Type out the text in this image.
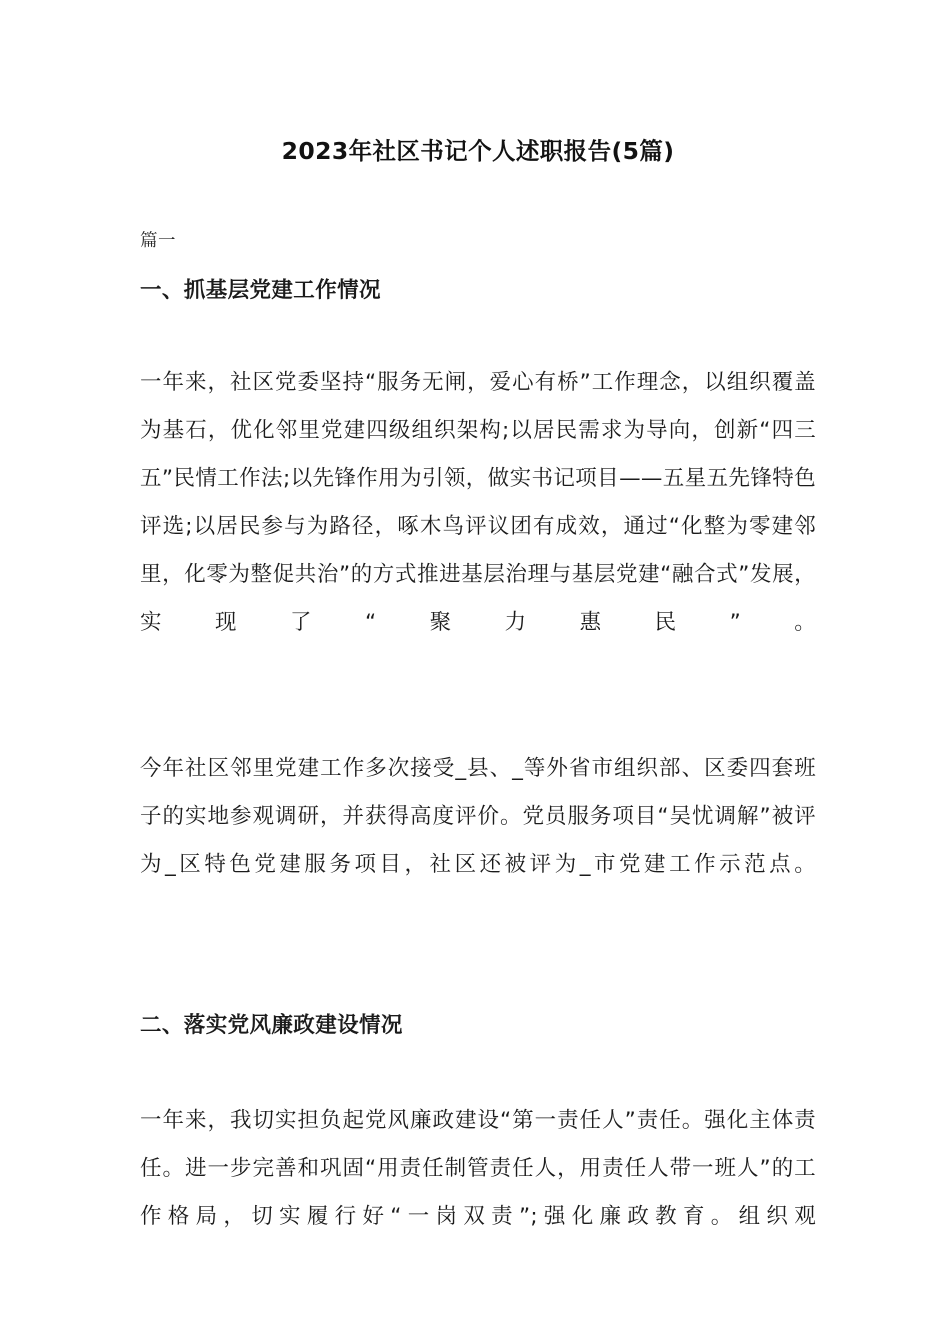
2023年社区书记个人述职报告(5篇)

篇一

一、抓基层党建工作情况

一年来，社区党委坚持“服务无闸，爱心有桥”工作理念，以组织覆盖为基石，优化邻里党建四级组织架构;以居民需求为导向，创新“四三五”民情工作法;以先锋作用为引领，做实书记项目——五星五先锋特色评选;以居民参与为路径，啄木鸟评议团有成效，通过“化整为零建邻里，化零为整促共治”的方式推进基层治理与基层党建“融合式”发展，实现了“聚力惠民”。

今年社区邻里党建工作多次接受_县、_等外省市组织部、区委四套班子的实地参观调研，并获得高度评价。党员服务项目“吴忧调解”被评为_区特色党建服务项目，社区还被评为_市党建工作示范点。

二、落实党风廉政建设情况

一年来，我切实担负起党风廉政建设“第一责任人”责任。强化主体责任。进一步完善和巩固“用责任制管责任人，用责任人带一班人”的工作格局，切实履行好“一岗双责”;强化廉政教育。组织观
